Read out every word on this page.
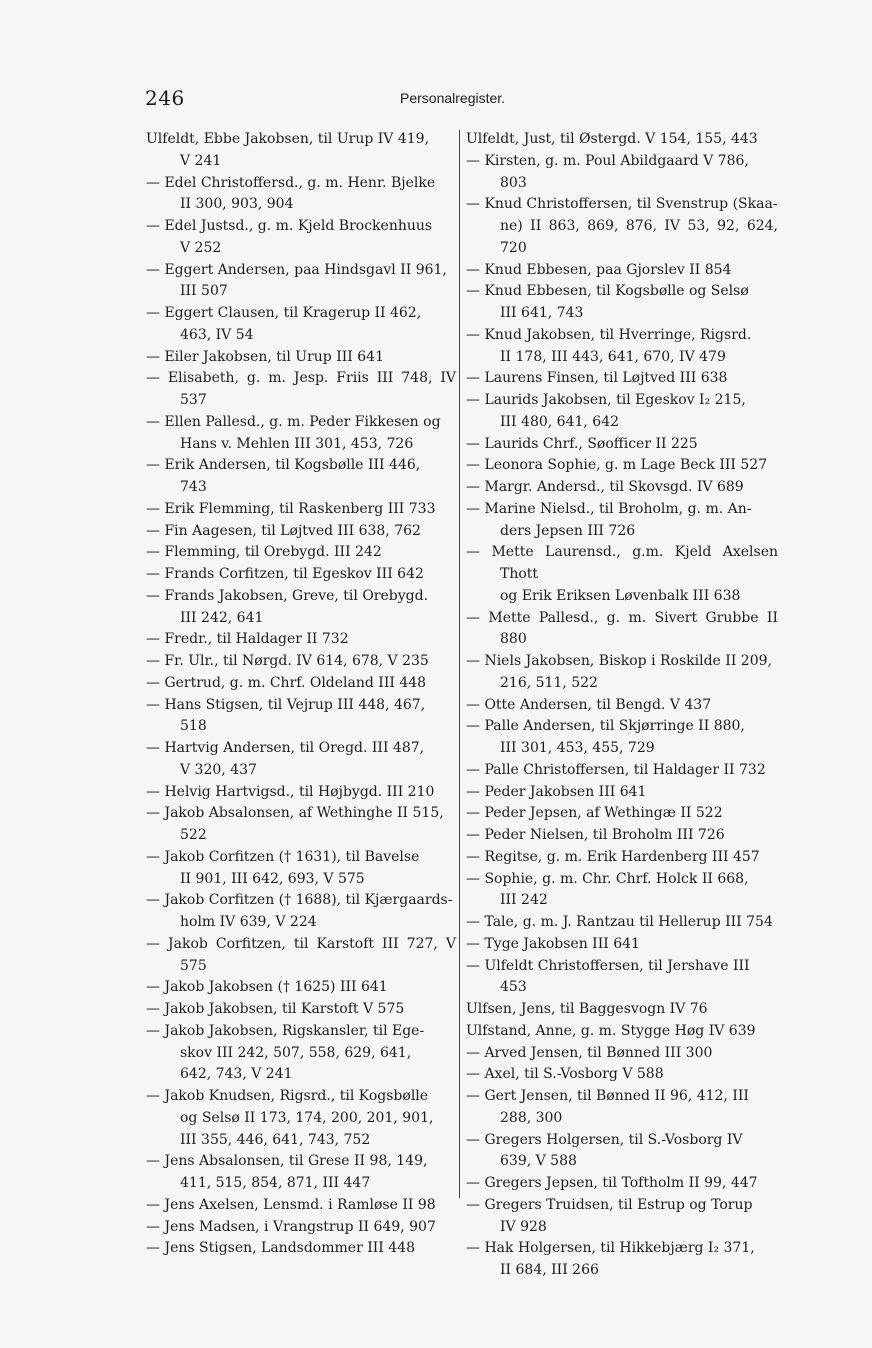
246	Personalregister.

Ulfeldt, Ebbe Jakobsen, til Urup IV 419,
V 241

— Edel Christoffersd., g. m. Henr. Bjelke
II 300, 903, 904

— Edel Justsd., g. m. Kjeld Brockenhuus
V 252

— Eggert Andersen, paa Hindsgavl II 961,
III 507

— Eggert Clausen, til Kragerup II 462,
463, IV 54

— Eiler Jakobsen, til Urup III 641

— Elisabeth, g. m. Jesp. Friis III 748, IV 537

— Ellen Pallesd., g. m. Peder Fikkesen og
Hans v. Mehlen III 301, 453, 726

— Erik Andersen, til Kogsbølle III 446,
743

— Erik Flemming, til Raskenberg III 733

— Fin Aagesen, til Løjtved III 638, 762

— Flemming, til Orebygd. III 242

— Frands Corfitzen, til Egeskov III 642

— Frands Jakobsen, Greve, til Orebygd.
III 242, 641

— Fredr., til Haldager II 732

— Fr. Ulr., til Nørgd. IV 614, 678, V 235

— Gertrud, g. m. Chrf. Oldeland III 448

— Hans Stigsen, til Vejrup III 448, 467,
518

— Hartvig Andersen, til Oregd. III 487,
V 320, 437

— Helvig Hartvigsd., til Højbygd. III 210

— Jakob Absalonsen, af Wethinghe II 515,
522

— Jakob Corfitzen († 1631), til Bavelse
II 901, III 642, 693, V 575

— Jakob Corfitzen († 1688), til Kjærgaards-
holm IV 639, V 224

— Jakob Corfitzen, til Karstoft III 727, V 575

— Jakob Jakobsen († 1625) III 641

— Jakob Jakobsen, til Karstoft V 575

— Jakob Jakobsen, Rigskansler, til Ege-
skov III 242, 507, 558, 629, 641,
642, 743, V 241

— Jakob Knudsen, Rigsrd., til Kogsbølle
og Selsø II 173, 174, 200, 201, 901,
III 355, 446, 641, 743, 752

— Jens Absalonsen, til Grese II 98, 149,
411, 515, 854, 871, III 447

— Jens Axelsen, Lensmd. i Ramløse II 98

— Jens Madsen, i Vrangstrup II 649, 907

— Jens Stigsen, Landsdommer III 448

Ulfeldt, Just, til Østergd. V 154, 155, 443

— Kirsten, g. m. Poul Abildgaard V 786,
803

— Knud Christoffersen, til Svenstrup (Skaa-
ne) II 863, 869, 876, IV 53, 92, 624, 720

— Knud Ebbesen, paa Gjorslev II 854

— Knud Ebbesen, til Kogsbølle og Selsø
III 641, 743

— Knud Jakobsen, til Hverringe, Rigsrd.
II 178, III 443, 641, 670, IV 479

— Laurens Finsen, til Løjtved III 638

— Laurids Jakobsen, til Egeskov I₂ 215,
III 480, 641, 642

— Laurids Chrf., Søofficer II 225

— Leonora Sophie, g. m Lage Beck III 527

— Margr. Andersd., til Skovsgd. IV 689

— Marine Nielsd., til Broholm, g. m. An-
ders Jepsen III 726

— Mette Laurensd., g.m. Kjeld Axelsen Thott
og Erik Eriksen Løvenbalk III 638

— Mette Pallesd., g. m. Sivert Grubbe II 880

— Niels Jakobsen, Biskop i Roskilde II 209,
216, 511, 522

— Otte Andersen, til Bengd. V 437

— Palle Andersen, til Skjørringe II 880,
III 301, 453, 455, 729

— Palle Christoffersen, til Haldager II 732

— Peder Jakobsen III 641

— Peder Jepsen, af Wethingæ II 522

— Peder Nielsen, til Broholm III 726

— Regitse, g. m. Erik Hardenberg III 457

— Sophie, g. m. Chr. Chrf. Holck II 668,
III 242

— Tale, g. m. J. Rantzau til Hellerup III 754

— Tyge Jakobsen III 641

— Ulfeldt Christoffersen, til Jershave III
453

Ulfsen, Jens, til Baggesvogn IV 76

Ulfstand, Anne, g. m. Stygge Høg IV 639

— Arved Jensen, til Bønned III 300

— Axel, til S.-Vosborg V 588

— Gert Jensen, til Bønned II 96, 412, III
288, 300

— Gregers Holgersen, til S.-Vosborg IV
639, V 588

— Gregers Jepsen, til Toftholm II 99, 447

— Gregers Truidsen, til Estrup og Torup
IV 928

— Hak Holgersen, til Hikkebjærg I₂ 371,
II 684, III 266
